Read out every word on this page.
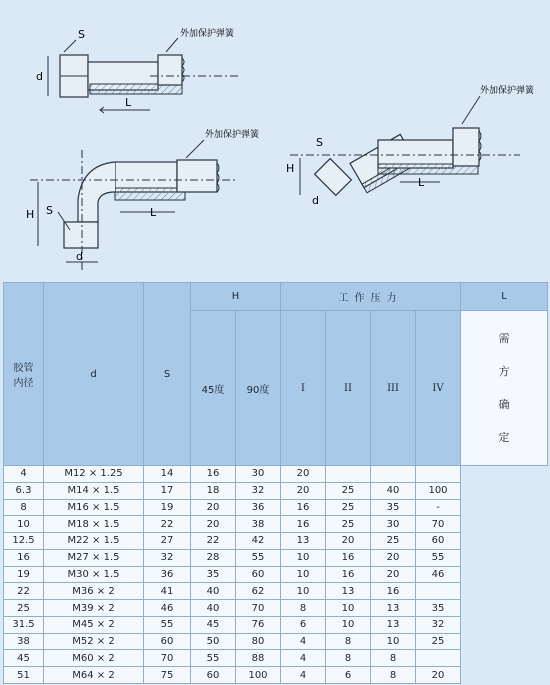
外加保护弹簧
外加保护弹簧
外加保护弹簧
S
d
L
H S	L
d
S
H
L
d
胶管
内径	d	S	H		工作压力				L
			45度	90度	I	II	III	IV	需
方
确
定

4	M12 × 1.25	14	16	30	20				
6.3	M14 × 1.5	17	18	32	20	25	40	100	
8	M16 × 1.5	19	20	36	16	25	35	-	
10	M18 × 1.5	22	20	38	16	25	30	70	
12.5	M22 × 1.5	27	22	42	13	20	25	60	
16	M27 × 1.5	32	28	55	10	16	20	55	
19	M30 × 1.5	36	35	60	10	16	20	46	
22	M36 × 2	41	40	62	10	13	16		
25	M39 × 2	46	40	70	8	10	13	35	
31.5	M45 × 2	55	45	76	6	10	13	32	
38	M52 × 2	60	50	80	4	8	10	25	
45	M60 × 2	70	55	88	4	8	8		
51	M64 × 2	75	60	100	4	6	8	20	
